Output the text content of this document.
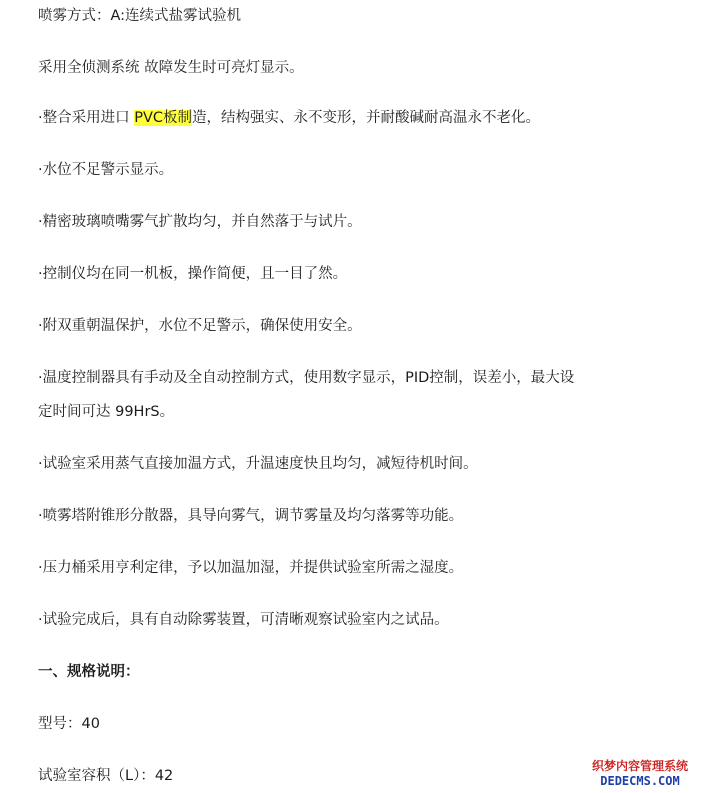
喷雾方式：A:连续式盐雾试验机
采用全侦测系统 故障发生时可亮灯显示。
·整合采用进口 PVC板制造，结构强实、永不变形，并耐酸碱耐高温永不老化。
·水位不足警示显示。
·精密玻璃喷嘴雾气扩散均匀，并自然落于与试片。
·控制仪均在同一机板，操作简便，且一目了然。
·附双重朝温保护，水位不足警示，确保使用安全。
·温度控制器具有手动及全自动控制方式，使用数字显示，PID控制，误差小，最大设
定时间可达 99HrS。
·试验室采用蒸气直接加温方式，升温速度快且均匀，减短待机时间。
·喷雾塔附锥形分散器，具导向雾气，调节雾量及均匀落雾等功能。
·压力桶采用亨利定律，予以加温加湿，并提供试验室所需之湿度。
·试验完成后，具有自动除雾装置，可清晰观察试验室内之试品。
一、规格说明：
型号：40
试验室容积（L）：42
织梦内容管理系统
DEDECMS.COM
